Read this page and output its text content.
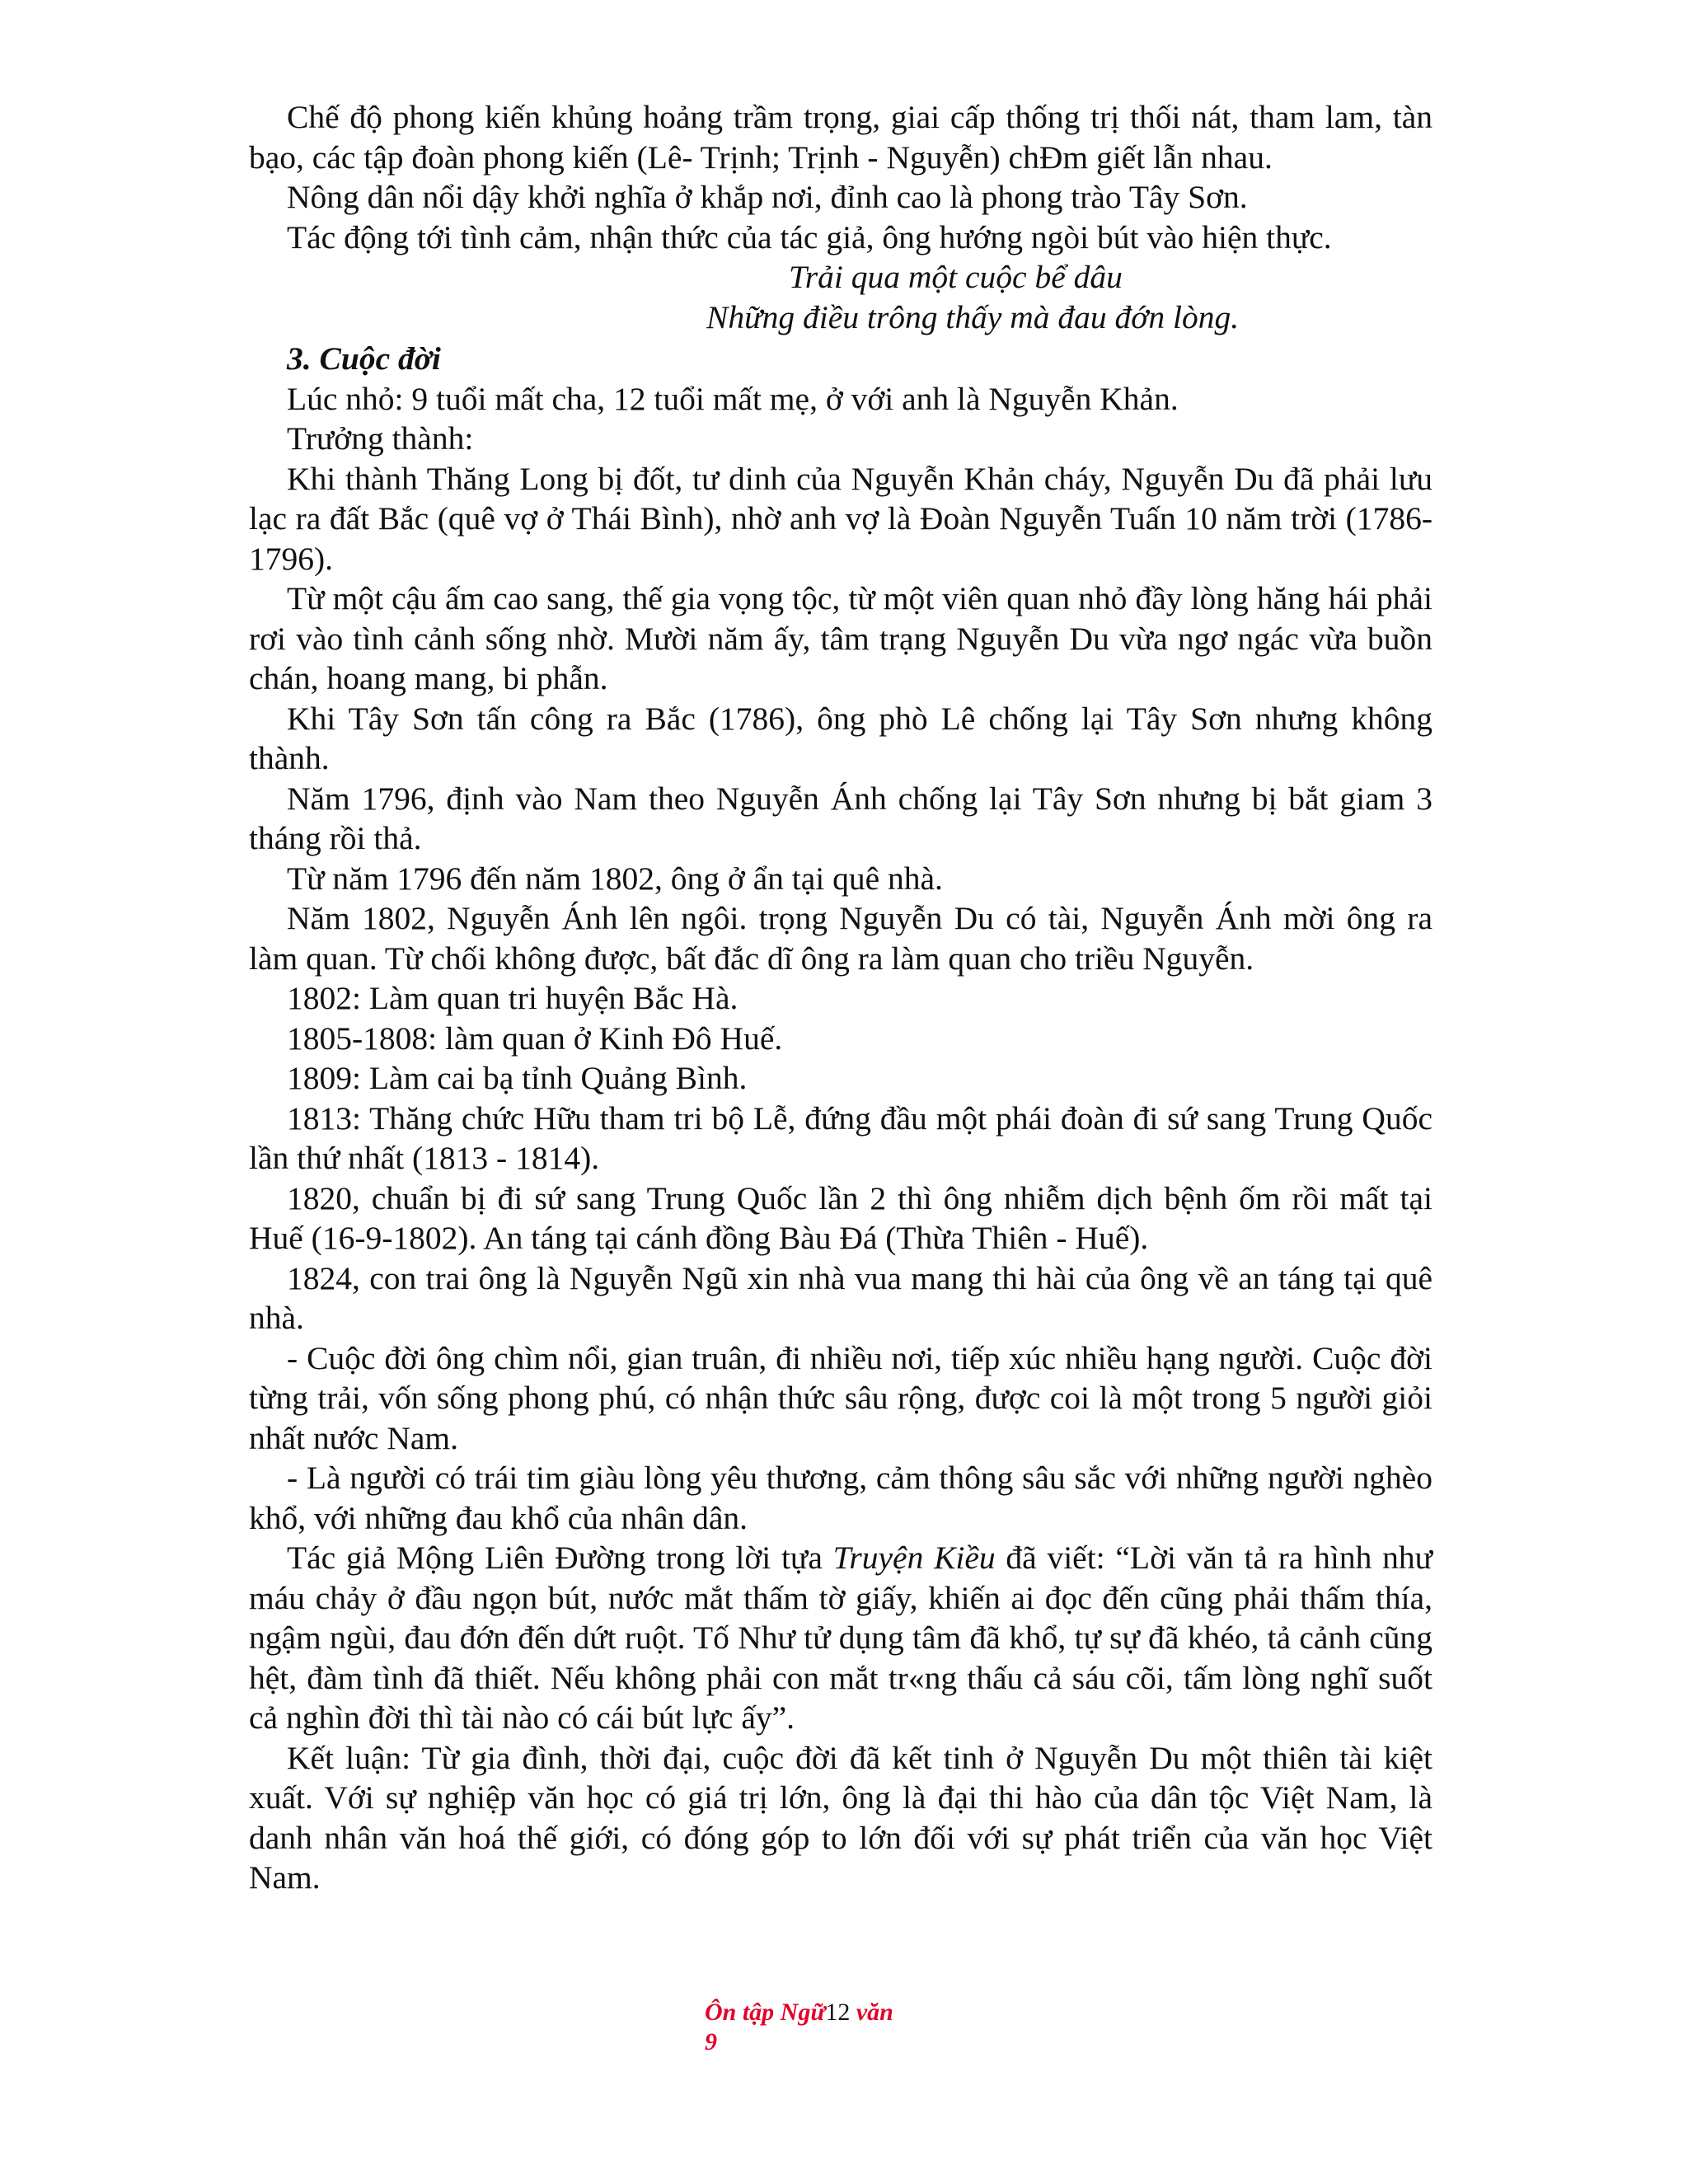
Chế độ phong kiến khủng hoảng trầm trọng, giai cấp thống trị thối nát, tham lam, tàn bạo, các tập đoàn phong kiến (Lê- Trịnh; Trịnh - Nguyễn) chĐm giết lẫn nhau.

Nông dân nổi dậy khởi nghĩa ở khắp nơi, đỉnh cao là phong trào Tây Sơn.

Tác động tới tình cảm, nhận thức của tác giả, ông hướng ngòi bút vào hiện thực.

Trải qua một cuộc bể dâu
Những điều trông thấy mà đau đớn lòng.
3. Cuộc đời

Lúc nhỏ: 9 tuổi mất cha, 12 tuổi mất mẹ, ở với anh là Nguyễn Khản.

Trưởng thành:

Khi thành Thăng Long bị đốt, tư dinh của Nguyễn Khản cháy, Nguyễn Du đã phải lưu lạc ra đất Bắc (quê vợ ở Thái Bình), nhờ anh vợ là Đoàn Nguyễn Tuấn 10 năm trời (1786-1796).

Từ một cậu ấm cao sang, thế gia vọng tộc, từ một viên quan nhỏ đầy lòng hăng hái phải rơi vào tình cảnh sống nhờ. Mười năm ấy, tâm trạng Nguyễn Du vừa ngơ ngác vừa buồn chán, hoang mang, bi phẫn.

Khi Tây Sơn tấn công ra Bắc (1786), ông phò Lê chống lại Tây Sơn nhưng không thành.

Năm 1796, định vào Nam theo Nguyễn Ánh chống lại Tây Sơn nhưng bị bắt giam 3 tháng rồi thả.

Từ năm 1796 đến năm 1802, ông ở ẩn tại quê nhà.

Năm 1802, Nguyễn Ánh lên ngôi. trọng Nguyễn Du có tài, Nguyễn Ánh mời ông ra làm quan. Từ chối không được, bất đắc dĩ ông ra làm quan cho triều Nguyễn.

1802: Làm quan tri huyện Bắc Hà.

1805-1808: làm quan ở Kinh Đô Huế.

1809: Làm cai bạ tỉnh Quảng Bình.

1813: Thăng chức Hữu tham tri bộ Lễ, đứng đầu một phái đoàn đi sứ sang Trung Quốc lần thứ nhất (1813 - 1814).

1820, chuẩn bị đi sứ sang Trung Quốc lần 2 thì ông nhiễm dịch bệnh ốm rồi mất tại Huế (16-9-1802). An táng tại cánh đồng Bàu Đá (Thừa Thiên - Huế).

1824, con trai ông là Nguyễn Ngũ xin nhà vua mang thi hài của ông về an táng tại quê nhà.

- Cuộc đời ông chìm nổi, gian truân, đi nhiều nơi, tiếp xúc nhiều hạng người. Cuộc đời từng trải, vốn sống phong phú, có nhận thức sâu rộng, được coi là một trong 5 người giỏi nhất nước Nam.

- Là người có trái tim giàu lòng yêu thương, cảm thông sâu sắc với những người nghèo khổ, với những đau khổ của nhân dân.

Tác giả Mộng Liên Đường trong lời tựa Truyện Kiều đã viết: “Lời văn tả ra hình như máu chảy ở đầu ngọn bút, nước mắt thấm tờ giấy, khiến ai đọc đến cũng phải thấm thía, ngậm ngùi, đau đớn đến dứt ruột. Tố Như tử dụng tâm đã khổ, tự sự đã khéo, tả cảnh cũng hệt, đàm tình đã thiết. Nếu không phải con mắt tr«ng thấu cả sáu cõi, tấm lòng nghĩ suốt cả nghìn đời thì tài nào có cái bút lực ấy”.

Kết luận: Từ gia đình, thời đại, cuộc đời đã kết tinh ở Nguyễn Du một thiên tài kiệt xuất. Với sự nghiệp văn học có giá trị lớn, ông là đại thi hào của dân tộc Việt Nam, là danh nhân văn hoá thế giới, có đóng góp to lớn đối với sự phát triển của văn học Việt Nam.

Ôn tập Ngữ12 văn
9
